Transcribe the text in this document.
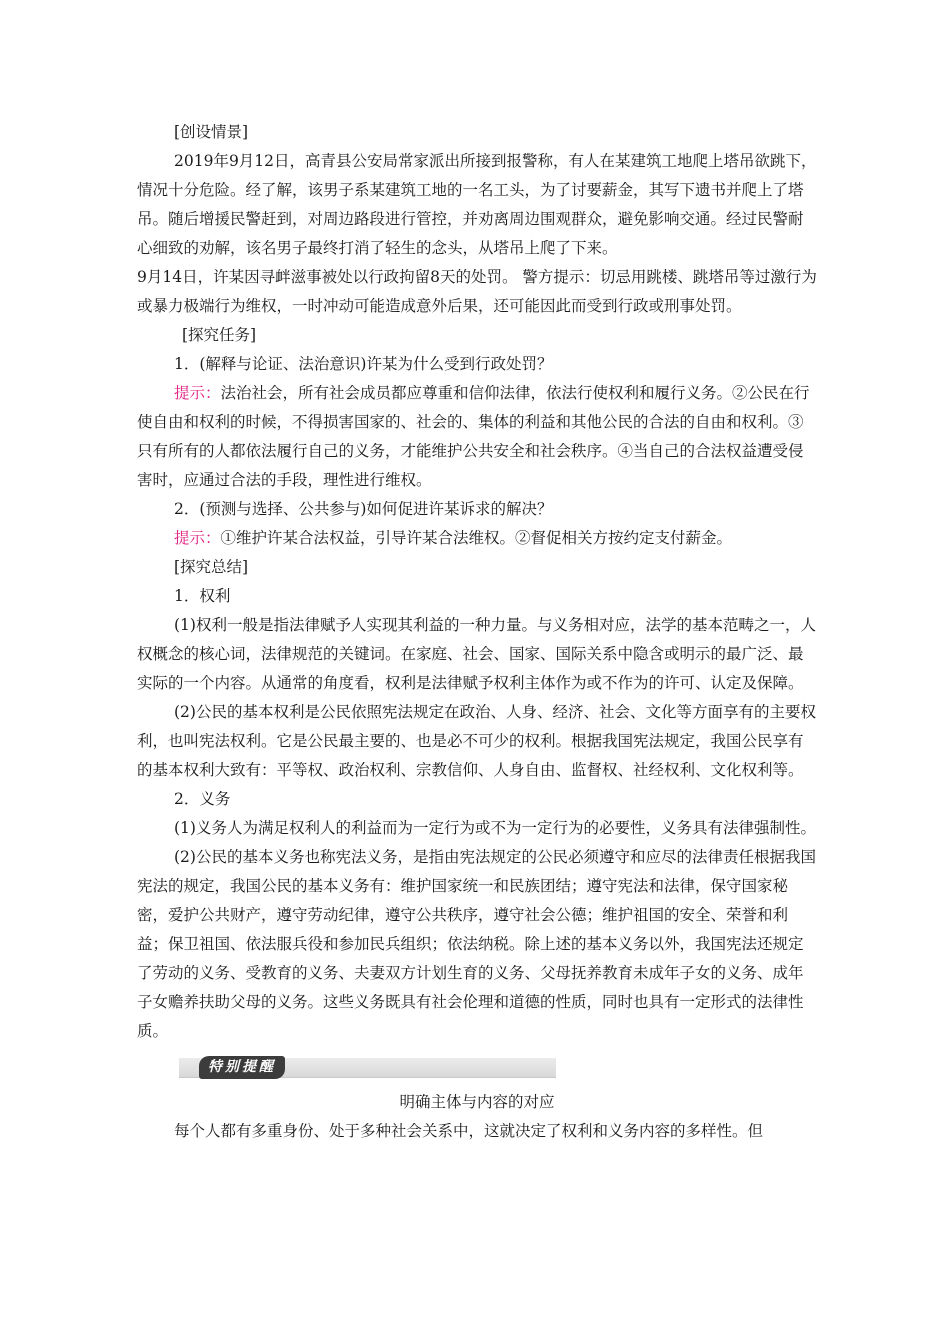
[创设情景]

2019年9月12日，高青县公安局常家派出所接到报警称，有人在某建筑工地爬上塔吊欲跳下，情况十分危险。经了解，该男子系某建筑工地的一名工头，为了讨要薪金，其写下遗书并爬上了塔吊。随后增援民警赶到，对周边路段进行管控，并劝离周边围观群众，避免影响交通。经过民警耐心细致的劝解，该名男子最终打消了轻生的念头，从塔吊上爬了下来。

9月14日，许某因寻衅滋事被处以行政拘留8天的处罚。 警方提示：切忌用跳楼、跳塔吊等过激行为或暴力极端行为维权，一时冲动可能造成意外后果，还可能因此而受到行政或刑事处罚。

[探究任务]

1．(解释与论证、法治意识)许某为什么受到行政处罚？

提示：法治社会，所有社会成员都应尊重和信仰法律，依法行使权利和履行义务。②公民在行使自由和权利的时候，不得损害国家的、社会的、集体的利益和其他公民的合法的自由和权利。③只有所有的人都依法履行自己的义务，才能维护公共安全和社会秩序。④当自己的合法权益遭受侵害时，应通过合法的手段，理性进行维权。

2．(预测与选择、公共参与)如何促进许某诉求的解决？

提示：①维护许某合法权益，引导许某合法维权。②督促相关方按约定支付薪金。

[探究总结]

1．权利

(1)权利一般是指法律赋予人实现其利益的一种力量。与义务相对应，法学的基本范畴之一，人权概念的核心词，法律规范的关键词。在家庭、社会、国家、国际关系中隐含或明示的最广泛、最实际的一个内容。从通常的角度看，权利是法律赋予权利主体作为或不作为的许可、认定及保障。

(2)公民的基本权利是公民依照宪法规定在政治、人身、经济、社会、文化等方面享有的主要权利，也叫宪法权利。它是公民最主要的、也是必不可少的权利。根据我国宪法规定，我国公民享有的基本权利大致有：平等权、政治权利、宗教信仰、人身自由、监督权、社经权利、文化权利等。

2．义务

(1)义务人为满足权利人的利益而为一定行为或不为一定行为的必要性，义务具有法律强制性。

(2)公民的基本义务也称宪法义务，是指由宪法规定的公民必须遵守和应尽的法律责任根据我国宪法的规定，我国公民的基本义务有：维护国家统一和民族团结；遵守宪法和法律，保守国家秘密，爱护公共财产，遵守劳动纪律，遵守公共秩序，遵守社会公德；维护祖国的安全、荣誉和利益；保卫祖国、依法服兵役和参加民兵组织；依法纳税。除上述的基本义务以外，我国宪法还规定了劳动的义务、受教育的义务、夫妻双方计划生育的义务、父母抚养教育未成年子女的义务、成年子女赡养扶助父母的义务。这些义务既具有社会伦理和道德的性质，同时也具有一定形式的法律性质。

特别提醒

明确主体与内容的对应

每个人都有多重身份、处于多种社会关系中，这就决定了权利和义务内容的多样性。但
